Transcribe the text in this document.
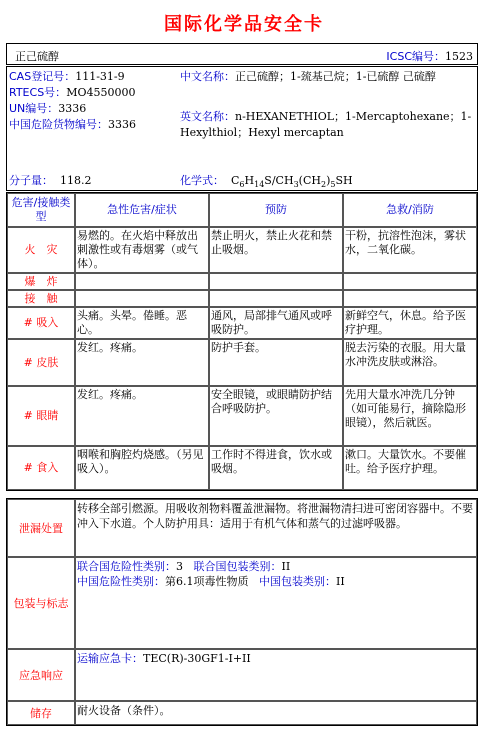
国际化学品安全卡
正己硫醇	ICSC编号：1523
CAS登记号：111-31-9
RTECS号：MO4550000
UN编号：3336
中国危险货物编号：3336
中文名称：正己硫醇；1-巯基己烷；1-已硫醇 己硫醇
英文名称：n-HEXANETHIOL；1-Mercaptohexane；1-Hexylthiol；Hexyl mercaptan
分子量： 118.2	化学式： $C_6H_{14}S/CH_3(CH_2)_5SH$
危害/接触类型	急性危害/症状	预防	急救/消防
火　灾	易燃的。在火焰中释放出刺激性或有毒烟雾（或气体）。	禁止明火，禁止火花和禁止吸烟。	干粉，抗溶性泡沫，雾状水，二氧化碳。
爆　炸			
接　触			
# 吸入	头痛。头晕。倦睡。恶心。	通风，局部排气通风或呼吸防护。	新鲜空气，休息。给予医疗护理。
# 皮肤	发红。疼痛。	防护手套。	脱去污染的衣服。用大量水冲洗皮肤或淋浴。
# 眼睛	发红。疼痛。	安全眼镜，或眼睛防护结合呼吸防护。	先用大量水冲洗几分钟（如可能易行，摘除隐形眼镜），然后就医。
# 食入	咽喉和胸腔灼烧感。（另见吸入）。	工作时不得进食，饮水或吸烟。	漱口。大量饮水。不要催吐。给予医疗护理。
泄漏处置	转移全部引燃源。用吸收剂物料覆盖泄漏物。将泄漏物清扫进可密闭容器中。不要冲入下水道。个人防护用具：适用于有机气体和蒸气的过滤呼吸器。
包装与标志	联合国危险性类别：3 联合国包装类别：II
中国危险性类别：第6.1项毒性物质 中国包装类别：II

应急响应	运输应急卡：TEC(R)-30GF1-I+II
储存	耐火设备（条件）。
